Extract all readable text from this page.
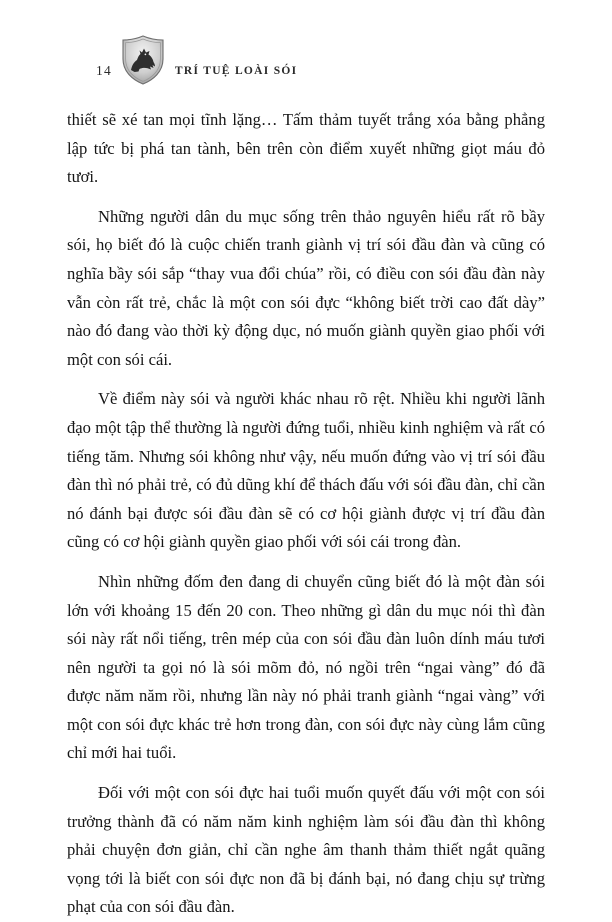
14	TRÍ TUỆ LOÀI SÓI

thiết sẽ xé tan mọi tĩnh lặng… Tấm thảm tuyết trắng xóa bằng phẳng lập tức bị phá tan tành, bên trên còn điểm xuyết những giọt máu đỏ tươi.

Những người dân du mục sống trên thảo nguyên hiểu rất rõ bầy sói, họ biết đó là cuộc chiến tranh giành vị trí sói đầu đàn và cũng có nghĩa bầy sói sắp “thay vua đổi chúa” rồi, có điều con sói đầu đàn này vẫn còn rất trẻ, chắc là một con sói đực “không biết trời cao đất dày” nào đó đang vào thời kỳ động dục, nó muốn giành quyền giao phối với một con sói cái.

Về điểm này sói và người khác nhau rõ rệt. Nhiều khi người lãnh đạo một tập thể thường là người đứng tuổi, nhiều kinh nghiệm và rất có tiếng tăm. Nhưng sói không như vậy, nếu muốn đứng vào vị trí sói đầu đàn thì nó phải trẻ, có đủ dũng khí để thách đấu với sói đầu đàn, chỉ cần nó đánh bại được sói đầu đàn sẽ có cơ hội giành được vị trí đầu đàn cũng có cơ hội giành quyền giao phối với sói cái trong đàn.

Nhìn những đốm đen đang di chuyển cũng biết đó là một đàn sói lớn với khoảng 15 đến 20 con. Theo những gì dân du mục nói thì đàn sói này rất nổi tiếng, trên mép của con sói đầu đàn luôn dính máu tươi nên người ta gọi nó là sói mõm đỏ, nó ngồi trên “ngai vàng” đó đã được năm năm rồi, nhưng lần này nó phải tranh giành “ngai vàng” với một con sói đực khác trẻ hơn trong đàn, con sói đực này cùng lắm cũng chỉ mới hai tuổi.

Đối với một con sói đực hai tuổi muốn quyết đấu với một con sói trưởng thành đã có năm năm kinh nghiệm làm sói đầu đàn thì không phải chuyện đơn giản, chỉ cần nghe âm thanh thảm thiết ngắt quãng vọng tới là biết con sói đực non đã bị đánh bại, nó đang chịu sự trừng phạt của con sói đầu đàn.
